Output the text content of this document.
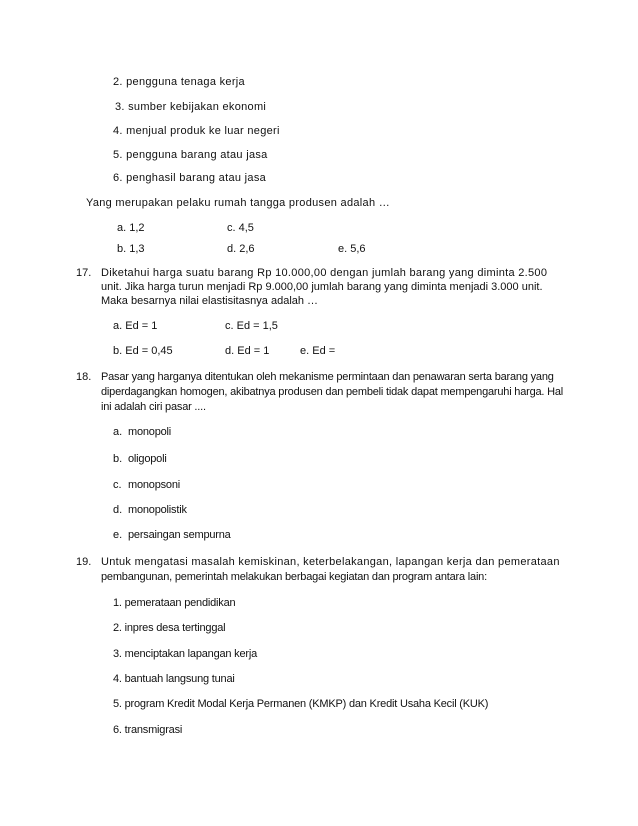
2. pengguna tenaga kerja
3. sumber kebijakan ekonomi
4. menjual produk ke luar negeri
5. pengguna barang atau jasa
6. penghasil barang atau jasa
Yang merupakan pelaku rumah tangga produsen adalah …
a. 1,2	c. 4,5
b. 1,3	d. 2,6	e. 5,6
17. Diketahui harga suatu barang Rp 10.000,00 dengan jumlah barang yang diminta 2.500
unit. Jika harga turun menjadi Rp 9.000,00 jumlah barang yang diminta menjadi 3.000 unit.
Maka besarnya nilai elastisitasnya adalah …
a. Ed = 1	c. Ed = 1,5
b. Ed = 0,45	d. Ed = 1	e. Ed =
18. Pasar yang harganya ditentukan oleh mekanisme permintaan dan penawaran serta barang yang
diperdagangkan homogen, akibatnya produsen dan pembeli tidak dapat mempengaruhi harga. Hal
ini adalah ciri pasar ....
a. monopoli
b. oligopoli
c. monopsoni
d. monopolistik
e. persaingan sempurna
19. Untuk mengatasi masalah kemiskinan, keterbelakangan, lapangan kerja dan pemerataan
pembangunan, pemerintah melakukan berbagai kegiatan dan program antara lain:
1. pemerataan pendidikan
2. inpres desa tertinggal
3. menciptakan lapangan kerja
4. bantuah langsung tunai
5. program Kredit Modal Kerja Permanen (KMKP) dan Kredit Usaha Kecil (KUK)
6. transmigrasi
